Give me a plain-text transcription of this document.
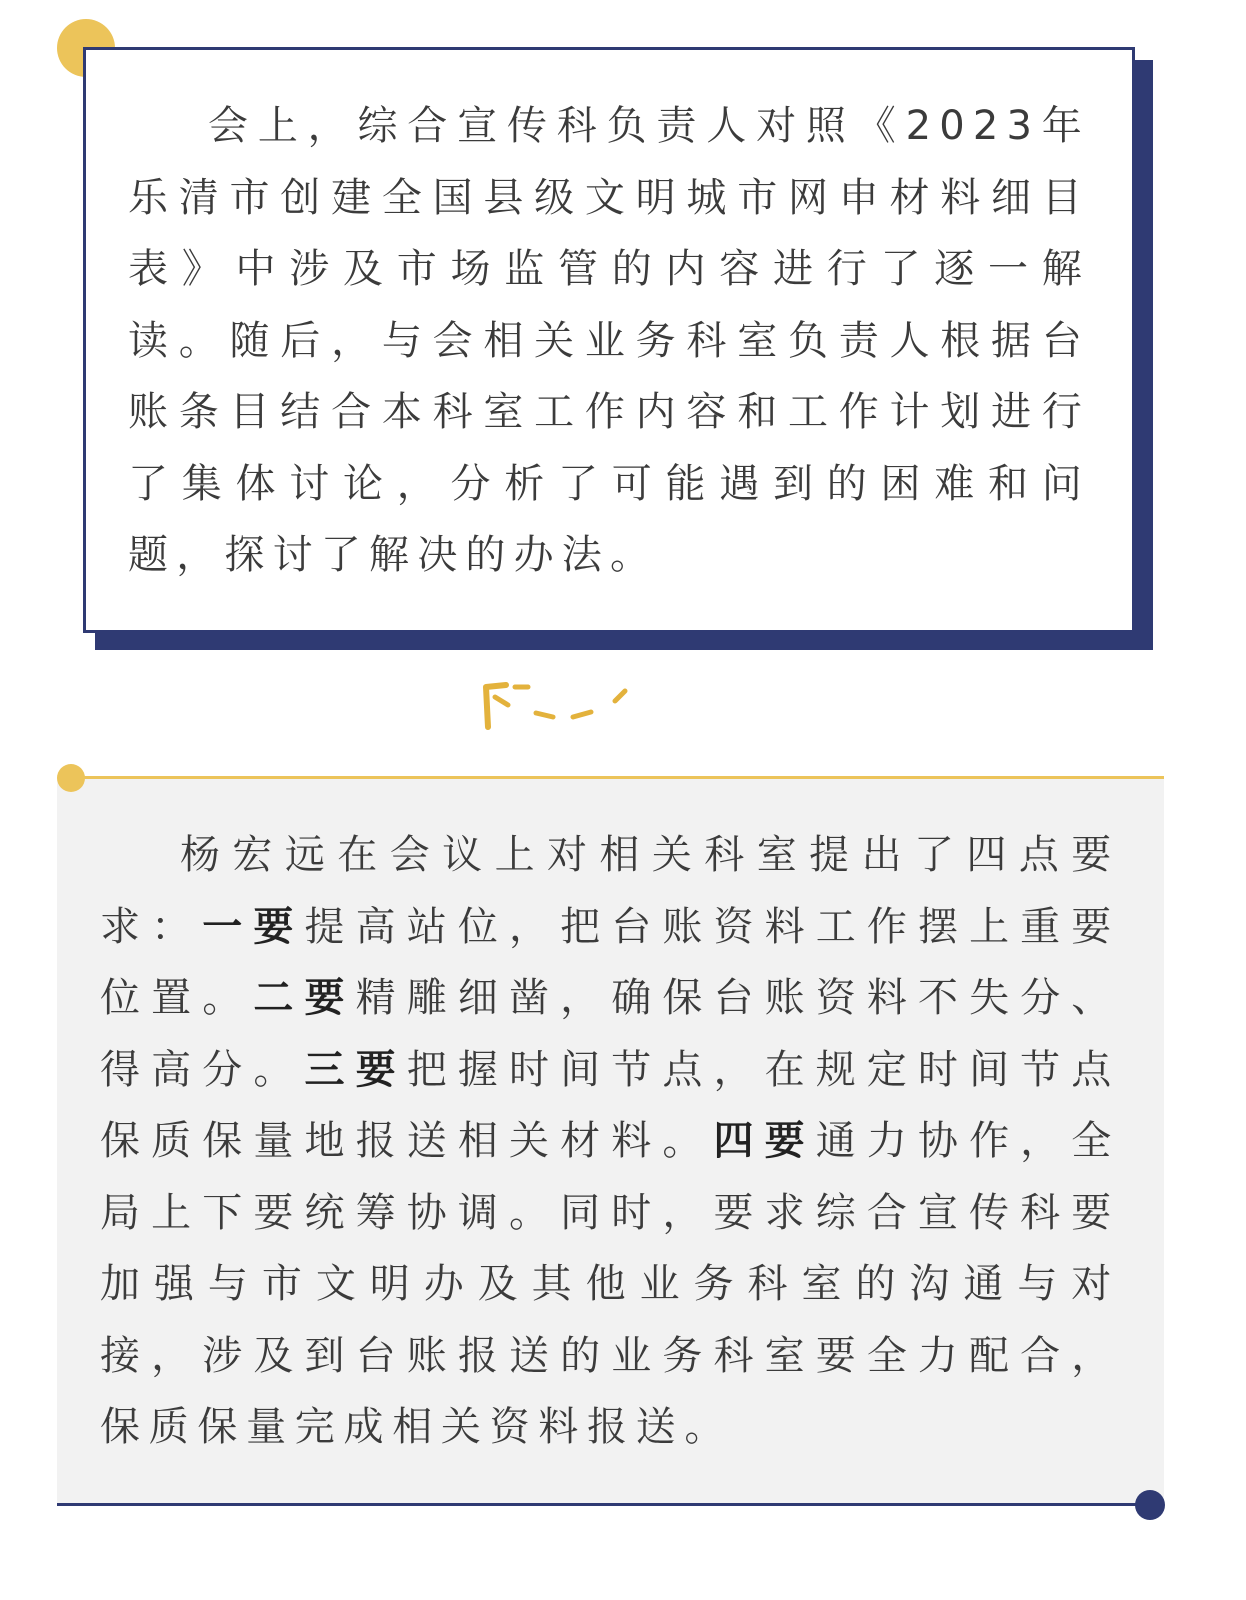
会上，综合宣传科负责人对照《2023年乐清市创建全国县级文明城市网申材料细目表》中涉及市场监管的内容进行了逐一解读。随后，与会相关业务科室负责人根据台账条目结合本科室工作内容和工作计划进行了集体讨论，分析了可能遇到的困难和问题，探讨了解决的办法。

杨宏远在会议上对相关科室提出了四点要求：一要提高站位，把台账资料工作摆上重要位置。二要精雕细凿，确保台账资料不失分、得高分。三要把握时间节点，在规定时间节点保质保量地报送相关材料。四要通力协作，全局上下要统筹协调。同时，要求综合宣传科要加强与市文明办及其他业务科室的沟通与对接，涉及到台账报送的业务科室要全力配合，保质保量完成相关资料报送。
